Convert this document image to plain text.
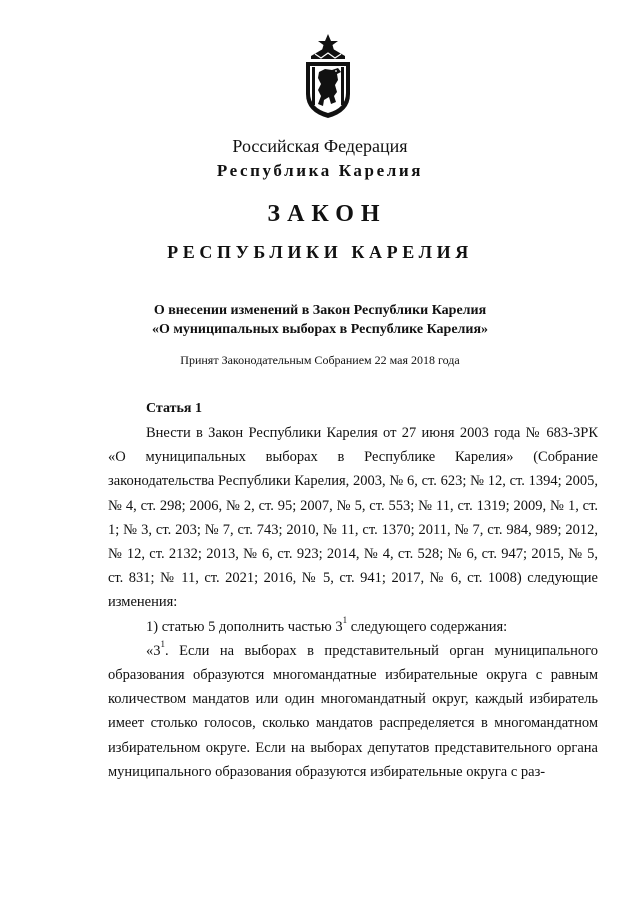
Российская Федерация

Республика Карелия

ЗАКОН

РЕСПУБЛИКИ КАРЕЛИЯ

О внесении изменений в Закон Республики Карелия
«О муниципальных выборах в Республике Карелия»

Принят Законодательным Собранием 22 мая 2018 года

Статья 1

Внести в Закон Республики Карелия от 27 июня 2003 года № 683-ЗРК «О муниципальных выборах в Республике Карелия» (Собрание законодательства Республики Карелия, 2003, № 6, ст. 623; № 12, ст. 1394; 2005, № 4, ст. 298; 2006, № 2, ст. 95; 2007, № 5, ст. 553; № 11, ст. 1319; 2009, № 1, ст. 1; № 3, ст. 203; № 7, ст. 743; 2010, № 11, ст. 1370; 2011, № 7, ст. 984, 989; 2012, № 12, ст. 2132; 2013, № 6, ст. 923; 2014, № 4, ст. 528; № 6, ст. 947; 2015, № 5, ст. 831; № 11, ст. 2021; 2016, № 5, ст. 941; 2017, № 6, ст. 1008) следующие изменения:

1) статью 5 дополнить частью $3^1$ следующего содержания:

«$3^1$. Если на выборах в представительный орган муниципального образования образуются многомандатные избирательные округа с равным количеством мандатов или один многомандатный округ, каждый избиратель имеет столько голосов, сколько мандатов распределяется в многомандатном избирательном округе. Если на выборах депутатов представительного органа муниципального образования образуются избирательные округа с раз-
